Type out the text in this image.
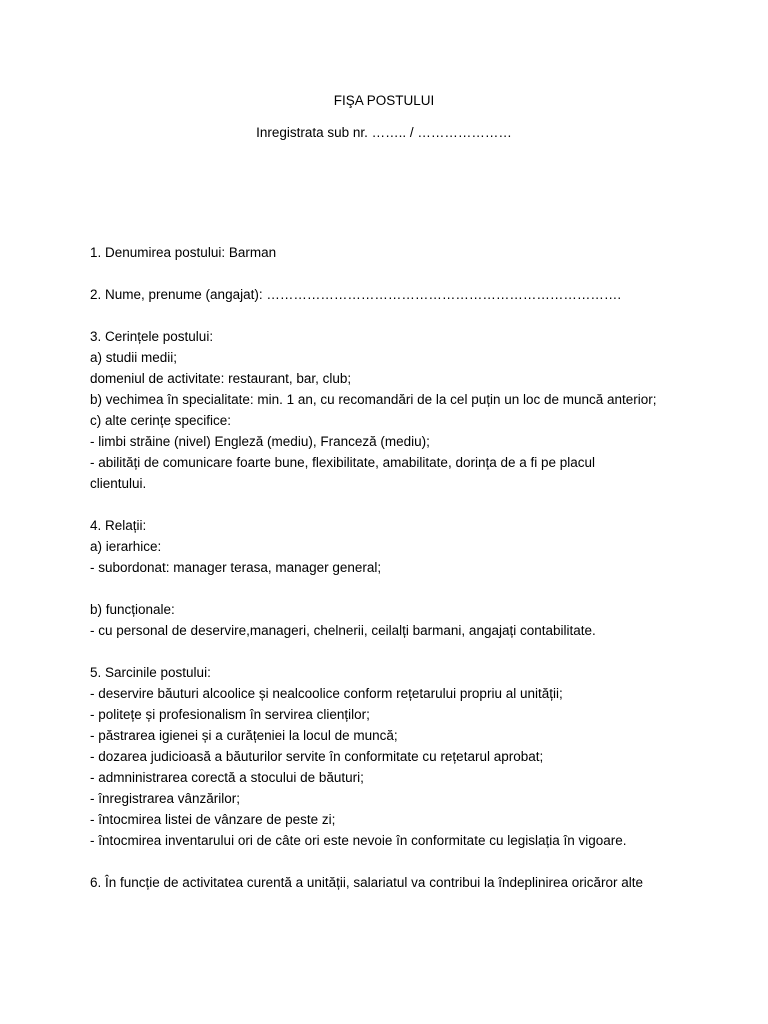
FIŞA POSTULUI
Inregistrata sub nr. …….. / …………………
1. Denumirea postului: Barman
2. Nume, prenume (angajat): …………………………………………………………………….
3. Cerințele postului:
a) studii medii;
domeniul de activitate: restaurant, bar, club;
b) vechimea în specialitate: min. 1 an, cu recomandări de la cel puțin un loc de muncă anterior;
c) alte cerințe specifice:
- limbi străine (nivel) Engleză (mediu), Franceză (mediu);
- abilități de comunicare foarte bune, flexibilitate, amabilitate, dorința de a fi pe placul
clientului.
4. Relații:
a) ierarhice:
- subordonat: manager terasa, manager general;
b) funcționale:
- cu personal de deservire,manageri, chelnerii, ceilalți barmani, angajați contabilitate.
5. Sarcinile postului:
- deservire băuturi alcoolice și nealcoolice conform rețetarului propriu al unității;
- politețe și profesionalism în servirea clienților;
- păstrarea igienei și a curățeniei la locul de muncă;
- dozarea judicioasă a băuturilor servite în conformitate cu rețetarul aprobat;
- admninistrarea corectă a stocului de băuturi;
- înregistrarea vânzărilor;
- întocmirea listei de vânzare de peste zi;
- întocmirea inventarului ori de câte ori este nevoie în conformitate cu legislația în vigoare.
6. În funcție de activitatea curentă a unității, salariatul va contribui la îndeplinirea oricăror alte
